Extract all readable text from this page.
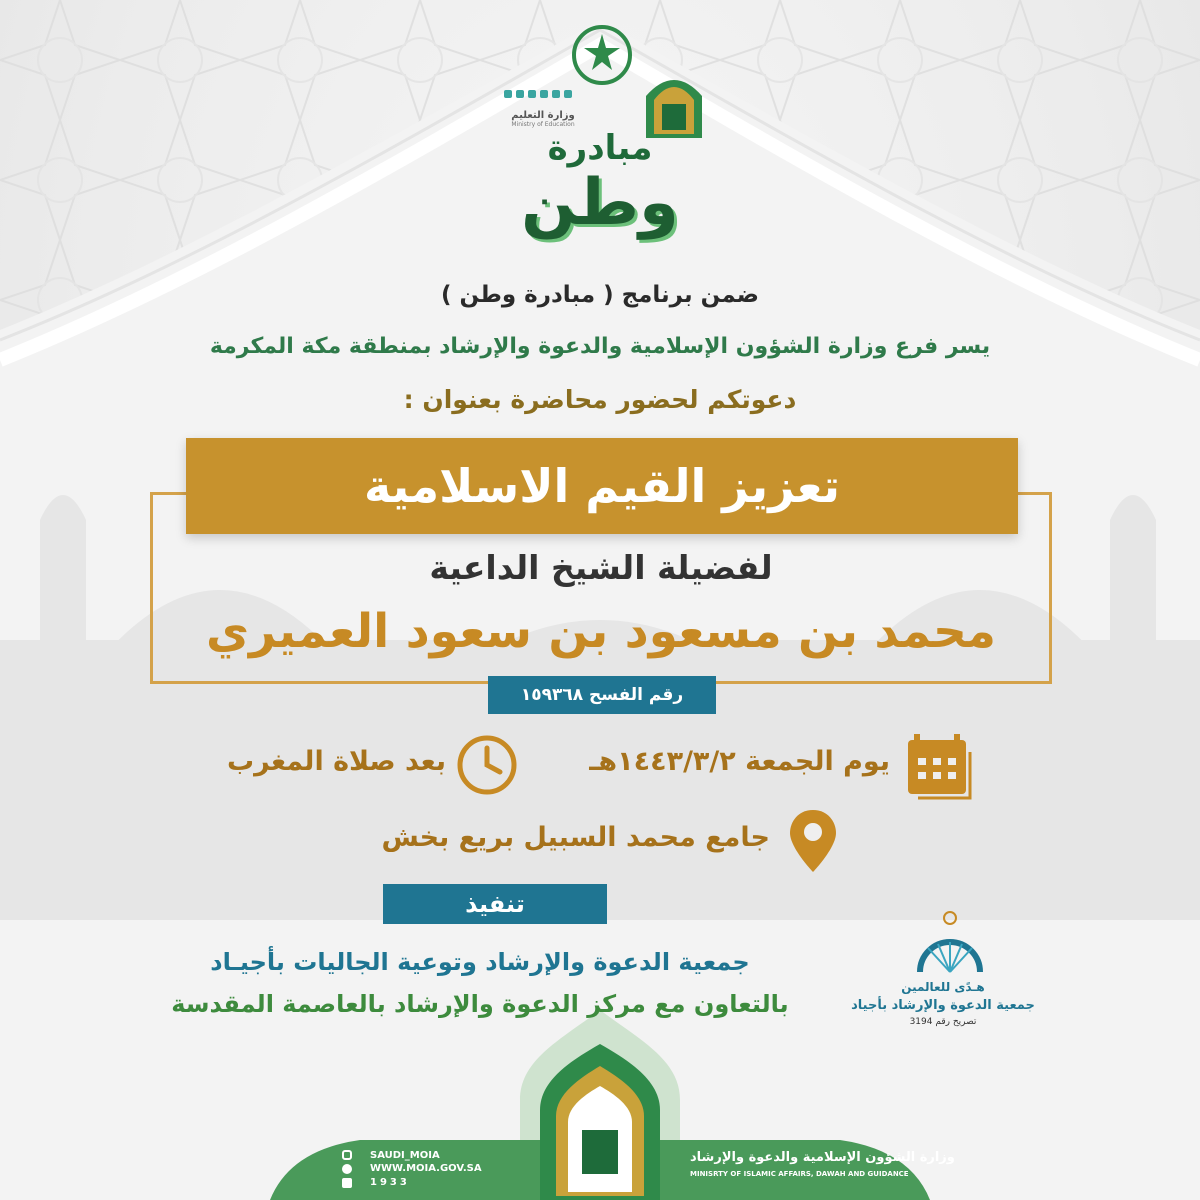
وزارة التعليم
Ministry of Education
مبادرة
وطن
ضمن برنامج ( مبادرة وطن )
يسر فرع وزارة الشؤون الإسلامية والدعوة والإرشاد بمنطقة مكة المكرمة
دعوتكم لحضور محاضرة بعنوان :
تعزيز القيم الاسلامية
لفضيلة الشيخ الداعية
محمد بن مسعود بن سعود العميري
رقم الفسح ١٥٩٣٦٨
يوم الجمعة ١٤٤٣/٣/٢هـ
بعد صلاة المغرب
جامع محمد السبيل بريع بخش
تنفيذ
جمعية الدعوة والإرشاد وتوعية الجاليات بأجيـاد
بالتعاون مع مركز الدعوة والإرشاد بالعاصمة المقدسة
هـدًى للعالمين
جمعية الدعوة والإرشاد بأجياد
تصريح رقم 3194
SAUDI_MOIA
WWW.MOIA.GOV.SA
1933
وزارة الشؤون الإسلامية والدعوة والإرشاد
MINISRTY OF ISLAMIC AFFAIRS, DAWAH AND GUIDANCE
